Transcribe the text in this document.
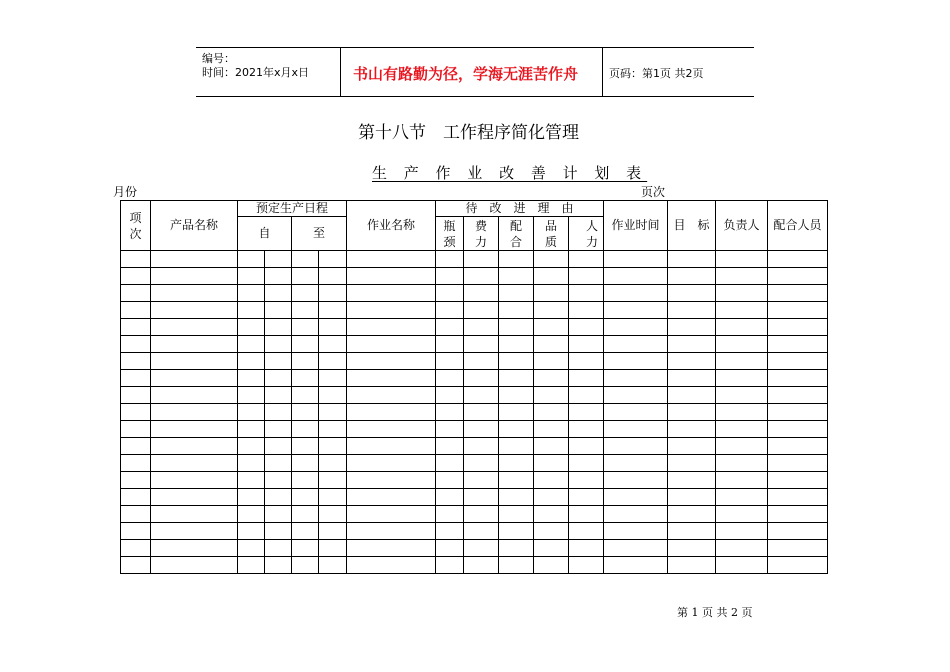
编号：
时间：2021年x月x日	书山有路勤为径，学海无涯苦作舟	页码：第1页 共2页
第十八节　工作程序简化管理
生 产 作 业 改 善 计 划 表
月份	页次
项次	产品名称	预定生产日程				作业名称	待　改　进　理　由					作业时间	目　标	负责人	配合人员
		自		至			瓶颈	费力	配合	品质	人力				

第 1 页 共 2 页
